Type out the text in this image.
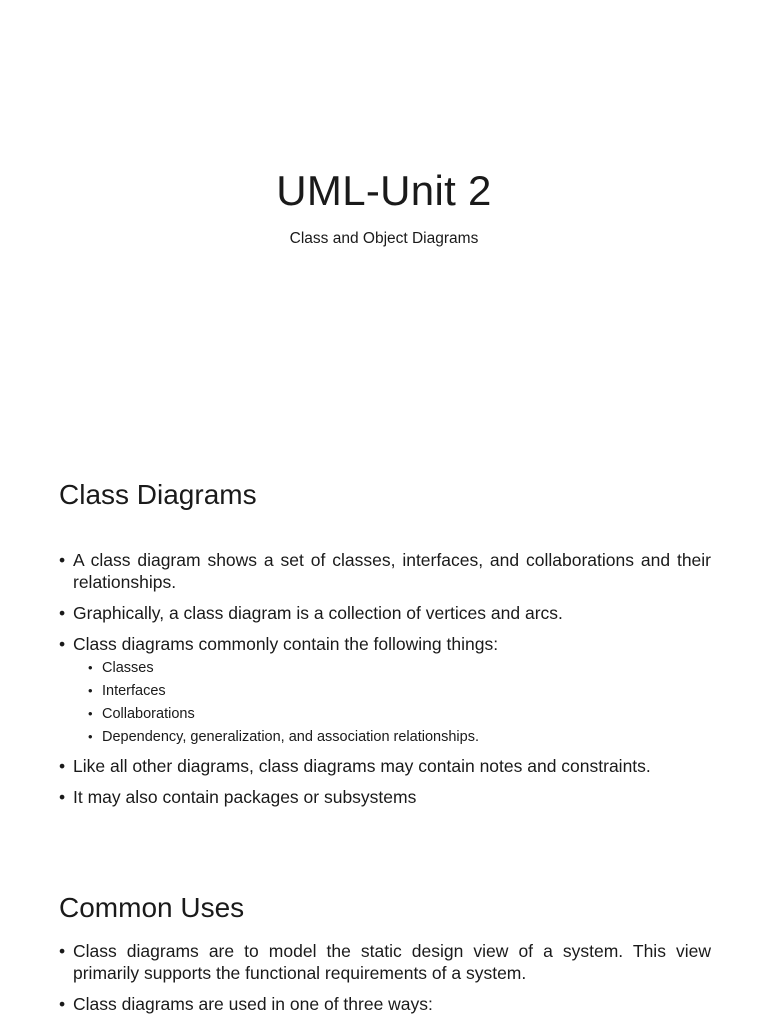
UML-Unit 2
Class and Object Diagrams
Class Diagrams
• A class diagram shows a set of classes, interfaces, and collaborations and their relationships.
• Graphically, a class diagram is a collection of vertices and arcs.
• Class diagrams commonly contain the following things:
• Classes
• Interfaces
• Collaborations
• Dependency, generalization, and association relationships.
• Like all other diagrams, class diagrams may contain notes and constraints.
• It may also contain packages or subsystems
Common Uses
• Class diagrams are to model the static design view of a system. This view primarily supports the functional requirements of a system.
• Class diagrams are used in one of three ways:
